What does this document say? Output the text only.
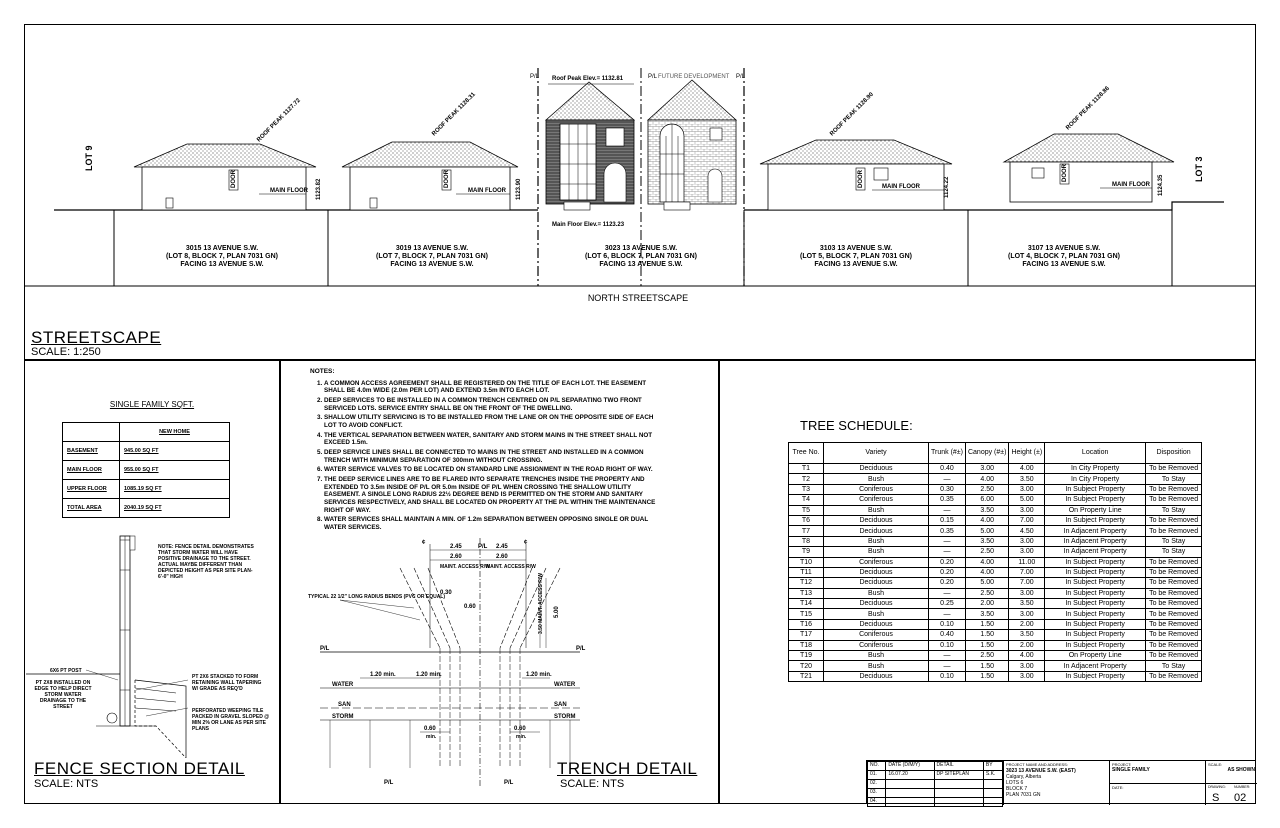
LOT 9	LOT 3
DOOR
MAIN FLOOR
ROOF PEAK 1127.72
1123.82	DOOR
MAIN FLOOR
ROOF PEAK 1128.31
1123.90
Roof Peak Elev.= 1132.81
Main Floor Elev.= 1123.23
P/L	FUTURE DEVELOPMENT
P/L	P/L
DOOR	MAIN FLOOR
ROOF PEAK 1128.90
1124.22
DOOR
MAIN FLOOR
ROOF PEAK 1128.86
1124.35
3015 13 AVENUE S.W.
(LOT 8, BLOCK 7, PLAN 7031 GN)
FACING 13 AVENUE S.W.
3019 13 AVENUE S.W.
(LOT 7, BLOCK 7, PLAN 7031 GN)
FACING 13 AVENUE S.W.
3023 13 AVENUE S.W.
(LOT 6, BLOCK 7, PLAN 7031 GN)
FACING 13 AVENUE S.W.
3103 13 AVENUE S.W.
(LOT 5, BLOCK 7, PLAN 7031 GN)
FACING 13 AVENUE S.W.
3107 13 AVENUE S.W.
(LOT 4, BLOCK 7, PLAN 7031 GN)
FACING 13 AVENUE S.W.
NORTH STREETSCAPE
STREETSCAPE
SCALE: 1:250
SINGLE FAMILY SQFT.
	NEW HOME
BASEMENT	945.00 SQ FT
MAIN FLOOR	955.00 SQ FT
UPPER FLOOR	1085.19 SQ FT
TOTAL AREA	2040.19 SQ FT
NOTE: FENCE DETAIL DEMONSTRATES THAT STORM WATER WILL HAVE POSITIVE DRAINAGE TO THE STREET. ACTUAL MAYBE DIFFERENT THAN DEPICTED HEIGHT AS PER SITE PLAN- 6'-0" HIGH
6X6 PT POST
PT 2X8 INSTALLED ON EDGE TO HELP DIRECT STORM WATER DRAINAGE TO THE STREET
PT 2X6 STACKED TO FORM RETAINING WALL TAPERING W/ GRADE AS REQ'D
PERFORATED WEEPING TILE PACKED IN GRAVEL SLOPED @ MIN 2% OR LANE AS PER SITE PLANS
FENCE SECTION DETAIL
SCALE: NTS
NOTES:
1. A COMMON ACCESS AGREEMENT SHALL BE REGISTERED ON THE TITLE OF EACH LOT. THE EASEMENT SHALL BE 4.0m WIDE (2.0m PER LOT) AND EXTEND 3.5m INTO EACH LOT.
2. DEEP SERVICES TO BE INSTALLED IN A COMMON TRENCH CENTRED ON P/L SEPARATING TWO FRONT SERVICED LOTS. SERVICE ENTRY SHALL BE ON THE FRONT OF THE DWELLING.
3. SHALLOW UTILITY SERVICING IS TO BE INSTALLED FROM THE LANE OR ON THE OPPOSITE SIDE OF EACH LOT TO AVOID CONFLICT.
4. THE VERTICAL SEPARATION BETWEEN WATER, SANITARY AND STORM MAINS IN THE STREET SHALL NOT EXCEED 1.5m.
5. DEEP SERVICE LINES SHALL BE CONNECTED TO MAINS IN THE STREET AND INSTALLED IN A COMMON TRENCH WITH MINIMUM SEPARATION OF 300mm WITHOUT CROSSING.
6. WATER SERVICE VALVES TO BE LOCATED ON STANDARD LINE ASSIGNMENT IN THE ROAD RIGHT OF WAY.
7. THE DEEP SERVICE LINES ARE TO BE FLARED INTO SEPARATE TRENCHES INSIDE THE PROPERTY AND EXTENDED TO 3.5m INSIDE OF P/L OR 5.0m INSIDE OF P/L WHEN CROSSING THE SHALLOW UTILITY EASEMENT. A SINGLE LONG RADIUS 22½ DEGREE BEND IS PERMITTED ON THE STORM AND SANITARY SERVICES RESPECTIVELY, AND SHALL BE LOCATED ON PROPERTY AT THE P/L WITHIN THE MAINTENANCE RIGHT OF WAY.
8. WATER SERVICES SHALL MAINTAIN A MIN. OF 1.2m SEPARATION BETWEEN OPPOSING SINGLE OR DUAL WATER SERVICES.
P/L
2.45	2.45
2.60	2.60
¢	¢
MAINT. ACCESS R/W
MAINT. ACCESS R/W
3.50 MAINT. ACCESS R/W 5.00
TYPICAL 22 1/2" LONG RADIUS BENDS (PVC OR EQUAL)
0.60
0.30
P/L	P/L
1.20 min.	1.20 min.	1.20 min.
WATER	WATER
SAN	SAN
STORM	STORM
0.60	0.60
min.	min.
P/L	P/L
TRENCH DETAIL
SCALE: NTS
TREE SCHEDULE:
Tree No.	Variety	Trunk (#±)	Canopy (#±)	Height (±)	Location	Disposition
T1	Deciduous	0.40	3.00	4.00	In City Property	To be Removed
T2	Bush	—	4.00	3.50	In City Property	To Stay
T3	Coniferous	0.30	2.50	3.00	In Subject Property	To be Removed
T4	Coniferous	0.35	6.00	5.00	In Subject Property	To be Removed
T5	Bush	—	3.50	3.00	On Property Line	To Stay
T6	Deciduous	0.15	4.00	7.00	In Subject Property	To be Removed
T7	Deciduous	0.35	5.00	4.50	In Adjacent Property	To be Removed
T8	Bush	—	3.50	3.00	In Adjacent Property	To Stay
T9	Bush	—	2.50	3.00	In Adjacent Property	To Stay
T10	Coniferous	0.20	4.00	11.00	In Subject Property	To be Removed
T11	Deciduous	0.20	4.00	7.00	In Subject Property	To be Removed
T12	Deciduous	0.20	5.00	7.00	In Subject Property	To be Removed
T13	Bush	—	2.50	3.00	In Subject Property	To be Removed
T14	Deciduous	0.25	2.00	3.50	In Subject Property	To be Removed
T15	Bush	—	3.50	3.00	In Subject Property	To be Removed
T16	Deciduous	0.10	1.50	2.00	In Subject Property	To be Removed
T17	Coniferous	0.40	1.50	3.50	In Subject Property	To be Removed
T18	Coniferous	0.10	1.50	2.00	In Subject Property	To be Removed
T19	Bush	—	2.50	4.00	On Property Line	To be Removed
T20	Bush	—	1.50	3.00	In Adjacent Property	To Stay
T21	Deciduous	0.10	1.50	3.00	In Subject Property	To be Removed
NO.	DATE (D/M/Y)	DETAIL	BY
01.	16.07.20	DP SITEPLAN	S.K.
02.			
03.			
04.			
PROJECT NAME AND ADDRESS:
3023 13 AVENUE S.W. (EAST)
Calgary, Alberta
LOTS 6
BLOCK 7
PLAN 7031 GN
PROJECT:
SINGLE FAMILY
DATE:
SCALE:
AS SHOWN
DRAWING: NUMBER:
S 02
